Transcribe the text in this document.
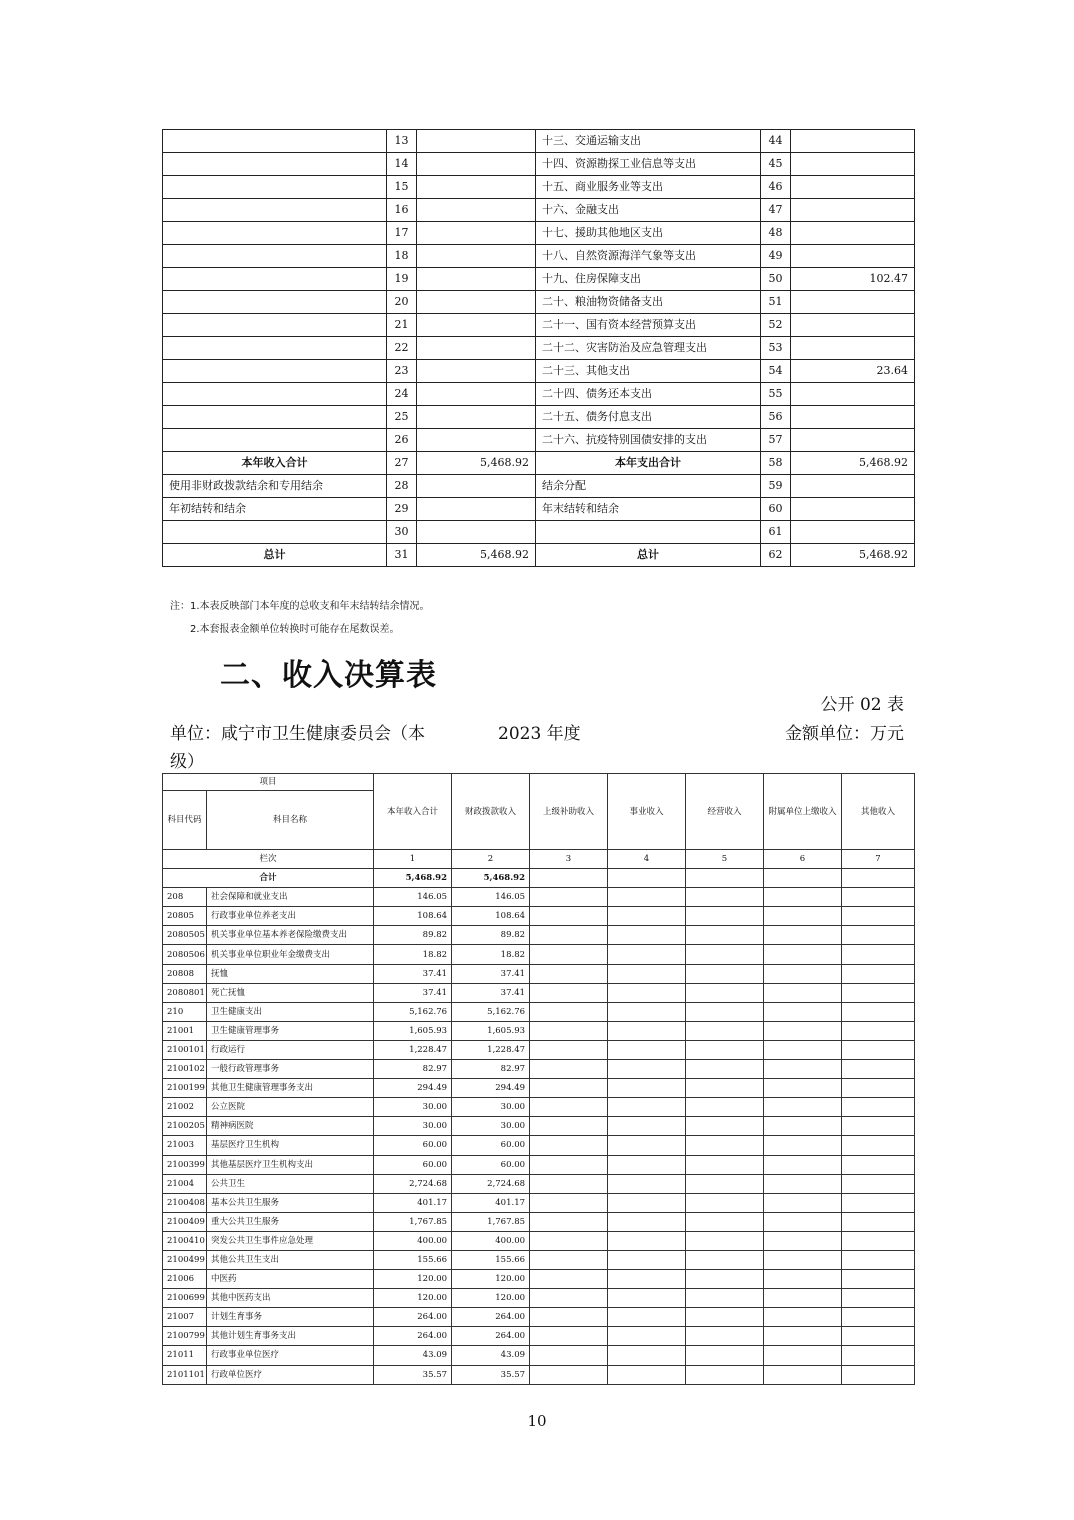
	13		十三、交通运输支出	44	
	14		十四、资源勘探工业信息等支出	45	
	15		十五、商业服务业等支出	46	
	16		十六、金融支出	47	
	17		十七、援助其他地区支出	48	
	18		十八、自然资源海洋气象等支出	49	
	19		十九、住房保障支出	50	102.47
	20		二十、粮油物资储备支出	51	
	21		二十一、国有资本经营预算支出	52	
	22		二十二、灾害防治及应急管理支出	53	
	23		二十三、其他支出	54	23.64
	24		二十四、债务还本支出	55	
	25		二十五、债务付息支出	56	
	26		二十六、抗疫特别国债安排的支出	57	
本年收入合计	27	5,468.92	本年支出合计	58	5,468.92
使用非财政拨款结余和专用结余	28		结余分配	59	
年初结转和结余	29		年末结转和结余	60	
	30			61	
总计	31	5,468.92	总计	62	5,468.92
注：1.本表反映部门本年度的总收支和年末结转结余情况。
2.本套报表金额单位转换时可能存在尾数误差。
二、收入决算表
公开 02 表
单位：咸宁市卫生健康委员会（本
级）
2023 年度	金额单位：万元
项目		本年收入合计	财政拨款收入	上级补助收入	事业收入	经营收入	附属单位上缴收入	其他收入
科目代码	科目名称							
栏次		1	2	3	4	5	6	7
合计		5,468.92	5,468.92					
208	社会保障和就业支出	146.05	146.05					
20805	行政事业单位养老支出	108.64	108.64					
2080505	机关事业单位基本养老保险缴费支出	89.82	89.82					
2080506	机关事业单位职业年金缴费支出	18.82	18.82					
20808	抚恤	37.41	37.41					
2080801	死亡抚恤	37.41	37.41					
210	卫生健康支出	5,162.76	5,162.76					
21001	卫生健康管理事务	1,605.93	1,605.93					
2100101	行政运行	1,228.47	1,228.47					
2100102	一般行政管理事务	82.97	82.97					
2100199	其他卫生健康管理事务支出	294.49	294.49					
21002	公立医院	30.00	30.00					
2100205	精神病医院	30.00	30.00					
21003	基层医疗卫生机构	60.00	60.00					
2100399	其他基层医疗卫生机构支出	60.00	60.00					
21004	公共卫生	2,724.68	2,724.68					
2100408	基本公共卫生服务	401.17	401.17					
2100409	重大公共卫生服务	1,767.85	1,767.85					
2100410	突发公共卫生事件应急处理	400.00	400.00					
2100499	其他公共卫生支出	155.66	155.66					
21006	中医药	120.00	120.00					
2100699	其他中医药支出	120.00	120.00					
21007	计划生育事务	264.00	264.00					
2100799	其他计划生育事务支出	264.00	264.00					
21011	行政事业单位医疗	43.09	43.09					
2101101	行政单位医疗	35.57	35.57					
10
